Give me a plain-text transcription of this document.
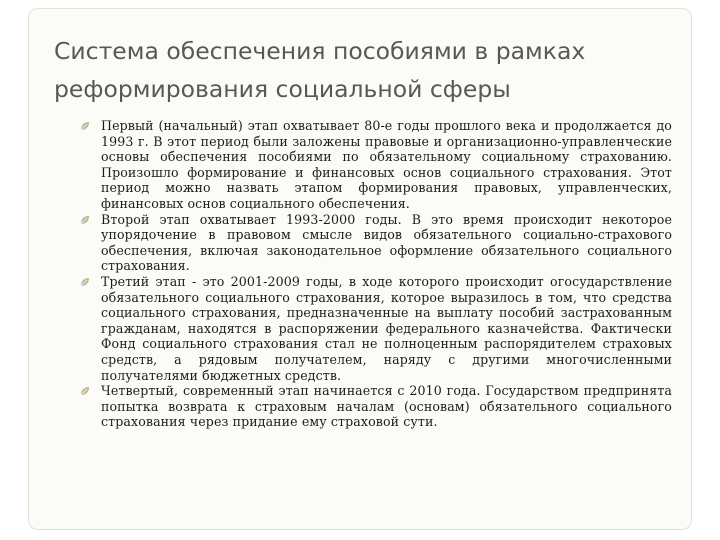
Система обеспечения пособиями в рамках
реформирования социальной сферы
Первый (начальный) этап охватывает 80-е годы прошлого века и продолжается до 1993 г. В этот период были заложены правовые и организационно-управленческие основы обеспечения пособиями по обязательному социальному страхованию. Произошло формирование и финансовых основ социального страхования. Этот период можно назвать этапом формирования правовых, управленческих, финансовых основ социального обеспечения.
Второй этап охватывает 1993-2000 годы. В это время происходит некоторое упорядочение в правовом смысле видов обязательного социально-страхового обеспечения, включая законодательное оформление обязательного социального страхования.
Третий этап - это 2001-2009 годы, в ходе которого происходит огосударствление обязательного социального страхования, которое выразилось в том, что средства социального страхования, предназначенные на выплату пособий застрахованным гражданам, находятся в распоряжении федерального казначейства. Фактически Фонд социального страхования стал не полноценным распорядителем страховых средств, а рядовым получателем, наряду с другими многочисленными получателями бюджетных средств.
Четвертый, современный этап начинается с 2010 года. Государством предпринята попытка возврата к страховым началам (основам) обязательного социального страхования через придание ему страховой сути.
